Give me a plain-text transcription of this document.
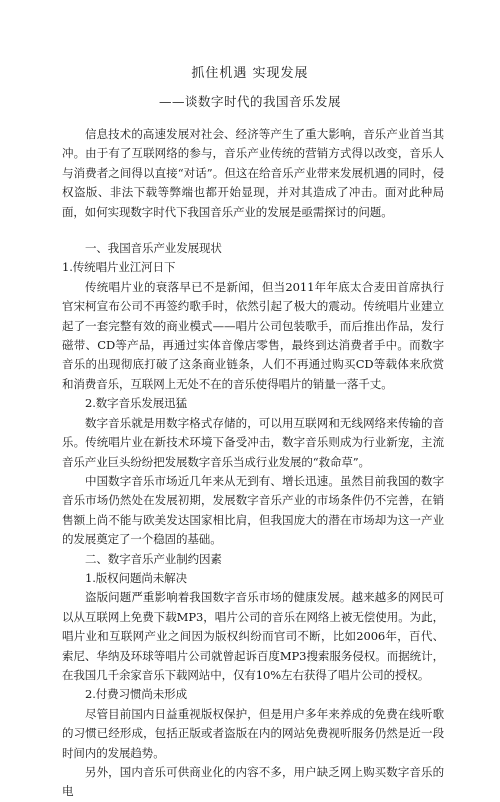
抓住机遇 实现发展
——谈数字时代的我国音乐发展

信息技术的高速发展对社会、经济等产生了重大影响，音乐产业首当其冲。由于有了互联网络的参与，音乐产业传统的营销方式得以改变，音乐人与消费者之间得以直接“对话”。但这在给音乐产业带来发展机遇的同时，侵权盗版、非法下载等弊端也都开始显现，并对其造成了冲击。面对此种局面，如何实现数字时代下我国音乐产业的发展是亟需探讨的问题。

一、我国音乐产业发展现状

1.传统唱片业江河日下

传统唱片业的衰落早已不是新闻，但当2011年年底太合麦田首席执行官宋柯宣布公司不再签约歌手时，依然引起了极大的震动。传统唱片业建立起了一套完整有效的商业模式——唱片公司包装歌手，而后推出作品，发行磁带、CD等产品，再通过实体音像店零售，最终到达消费者手中。而数字音乐的出现彻底打破了这条商业链条，人们不再通过购买CD等载体来欣赏和消费音乐，互联网上无处不在的音乐使得唱片的销量一落千丈。

2.数字音乐发展迅猛

数字音乐就是用数字格式存储的，可以用互联网和无线网络来传输的音乐。传统唱片业在新技术环境下备受冲击，数字音乐则成为行业新宠，主流音乐产业巨头纷纷把发展数字音乐当成行业发展的“救命草”。

中国数字音乐市场近几年来从无到有、增长迅速。虽然目前我国的数字音乐市场仍然处在发展初期，发展数字音乐产业的市场条件仍不完善，在销售额上尚不能与欧美发达国家相比肩，但我国庞大的潜在市场却为这一产业的发展奠定了一个稳固的基础。

二、数字音乐产业制约因素

1.版权问题尚未解决

盗版问题严重影响着我国数字音乐市场的健康发展。越来越多的网民可以从互联网上免费下载MP3，唱片公司的音乐在网络上被无偿使用。为此，唱片业和互联网产业之间因为版权纠纷而官司不断，比如2006年，百代、索尼、华纳及环球等唱片公司就曾起诉百度MP3搜索服务侵权。而据统计，在我国几千余家音乐下载网站中，仅有10%左右获得了唱片公司的授权。

2.付费习惯尚未形成

尽管目前国内日益重视版权保护，但是用户多年来养成的免费在线听歌的习惯已经形成，包括正版或者盗版在内的网站免费视听服务仍然是近一段时间内的发展趋势。

另外，国内音乐可供商业化的内容不多，用户缺乏网上购买数字音乐的电
